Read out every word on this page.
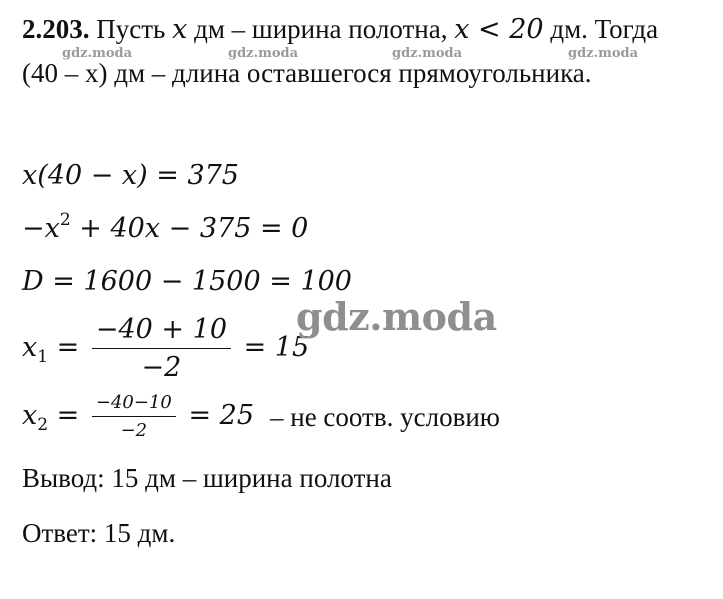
2.203. Пусть x дм – ширина полотна, x < 20 дм. Тогда
(40 – x) дм – длина оставшегося прямоугольника.
gdz.moda	gdz.moda	gdz.moda	gdz.moda
x(40 − x) = 375
$-x^2 + 40x - 375 = 0$
D = 1600 − 1500 = 100
$x_1 = \frac{-40 + 10}{-2} = 15$
gdz.moda
$x_2 = \frac{-40-10}{-2} = 25$ – не соотв. условию
Вывод: 15 дм – ширина полотна
Ответ: 15 дм.
